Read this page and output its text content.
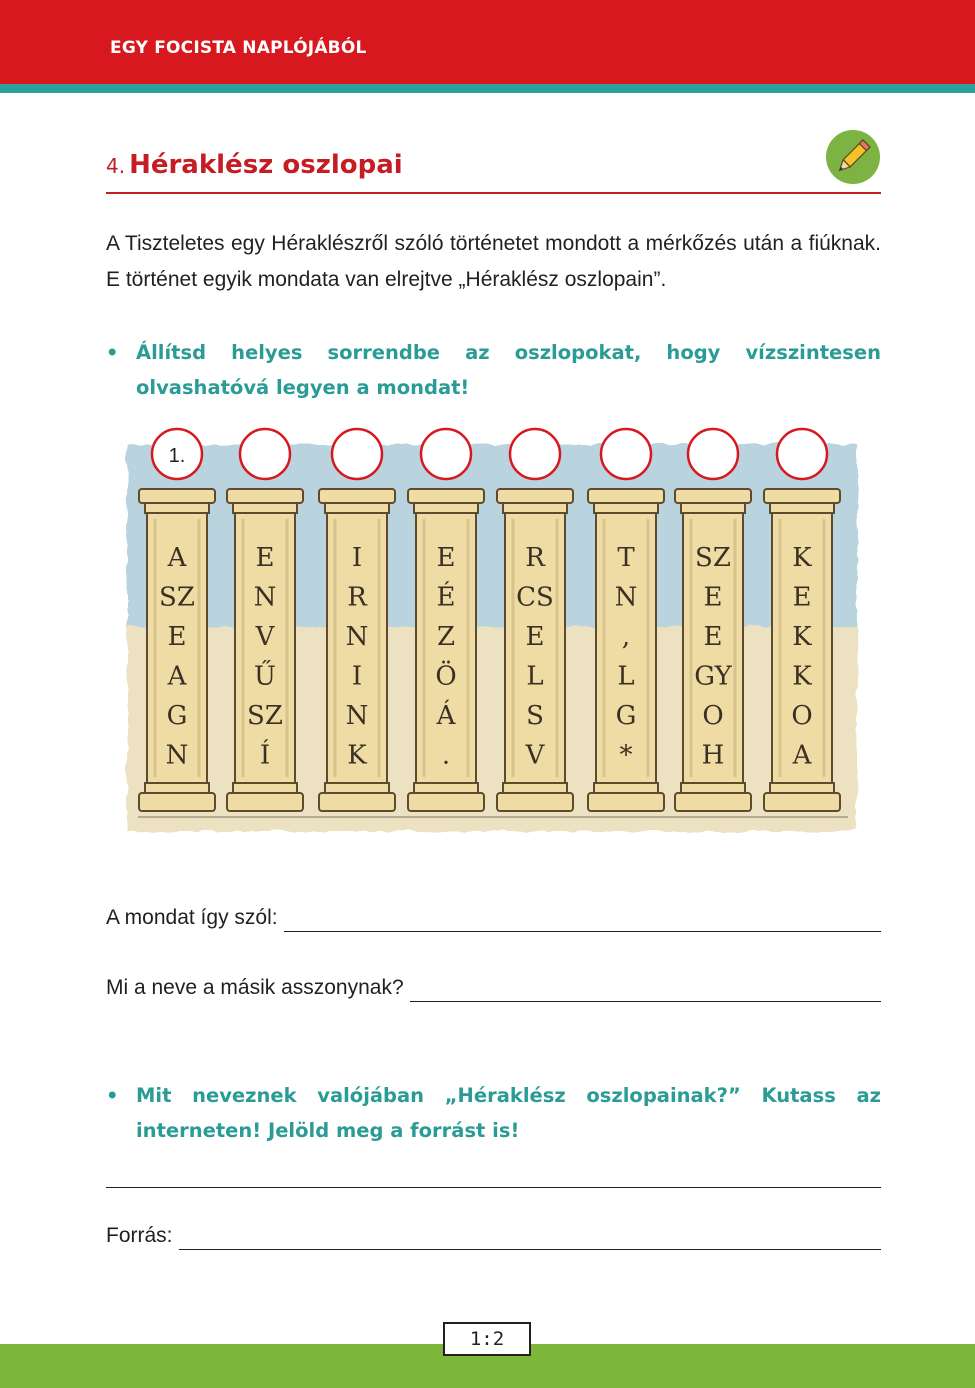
EGY FOCISTA NAPLÓJÁBÓL
4. Héraklész oszlopai
A Tiszteletes egy Héraklészről szóló történetet mondott a mérkőzés után a fiúknak. E történet egyik mondata van elrejtve „Héraklész oszlopain”.
• Állítsd helyes sorrendbe az oszlopokat, hogy vízszintesen olvashatóvá legyen a mondat!
1.
A
SZ
E
A
G
N
E
N
V
Ű
SZ
Í
I
R
N
I
N
K
E
É
Z
Ö
Á
.
R
CS
E
L
S
V
T
N
,
L
G
*
SZ
E
E
GY
O
H
K
E
K
K
O
A
A mondat így szól:
Mi a neve a másik asszonynak?
• Mit neveznek valójában „Héraklész oszlopainak?” Kutass az interneten! Jelöld meg a forrást is!
Forrás:
1:2
